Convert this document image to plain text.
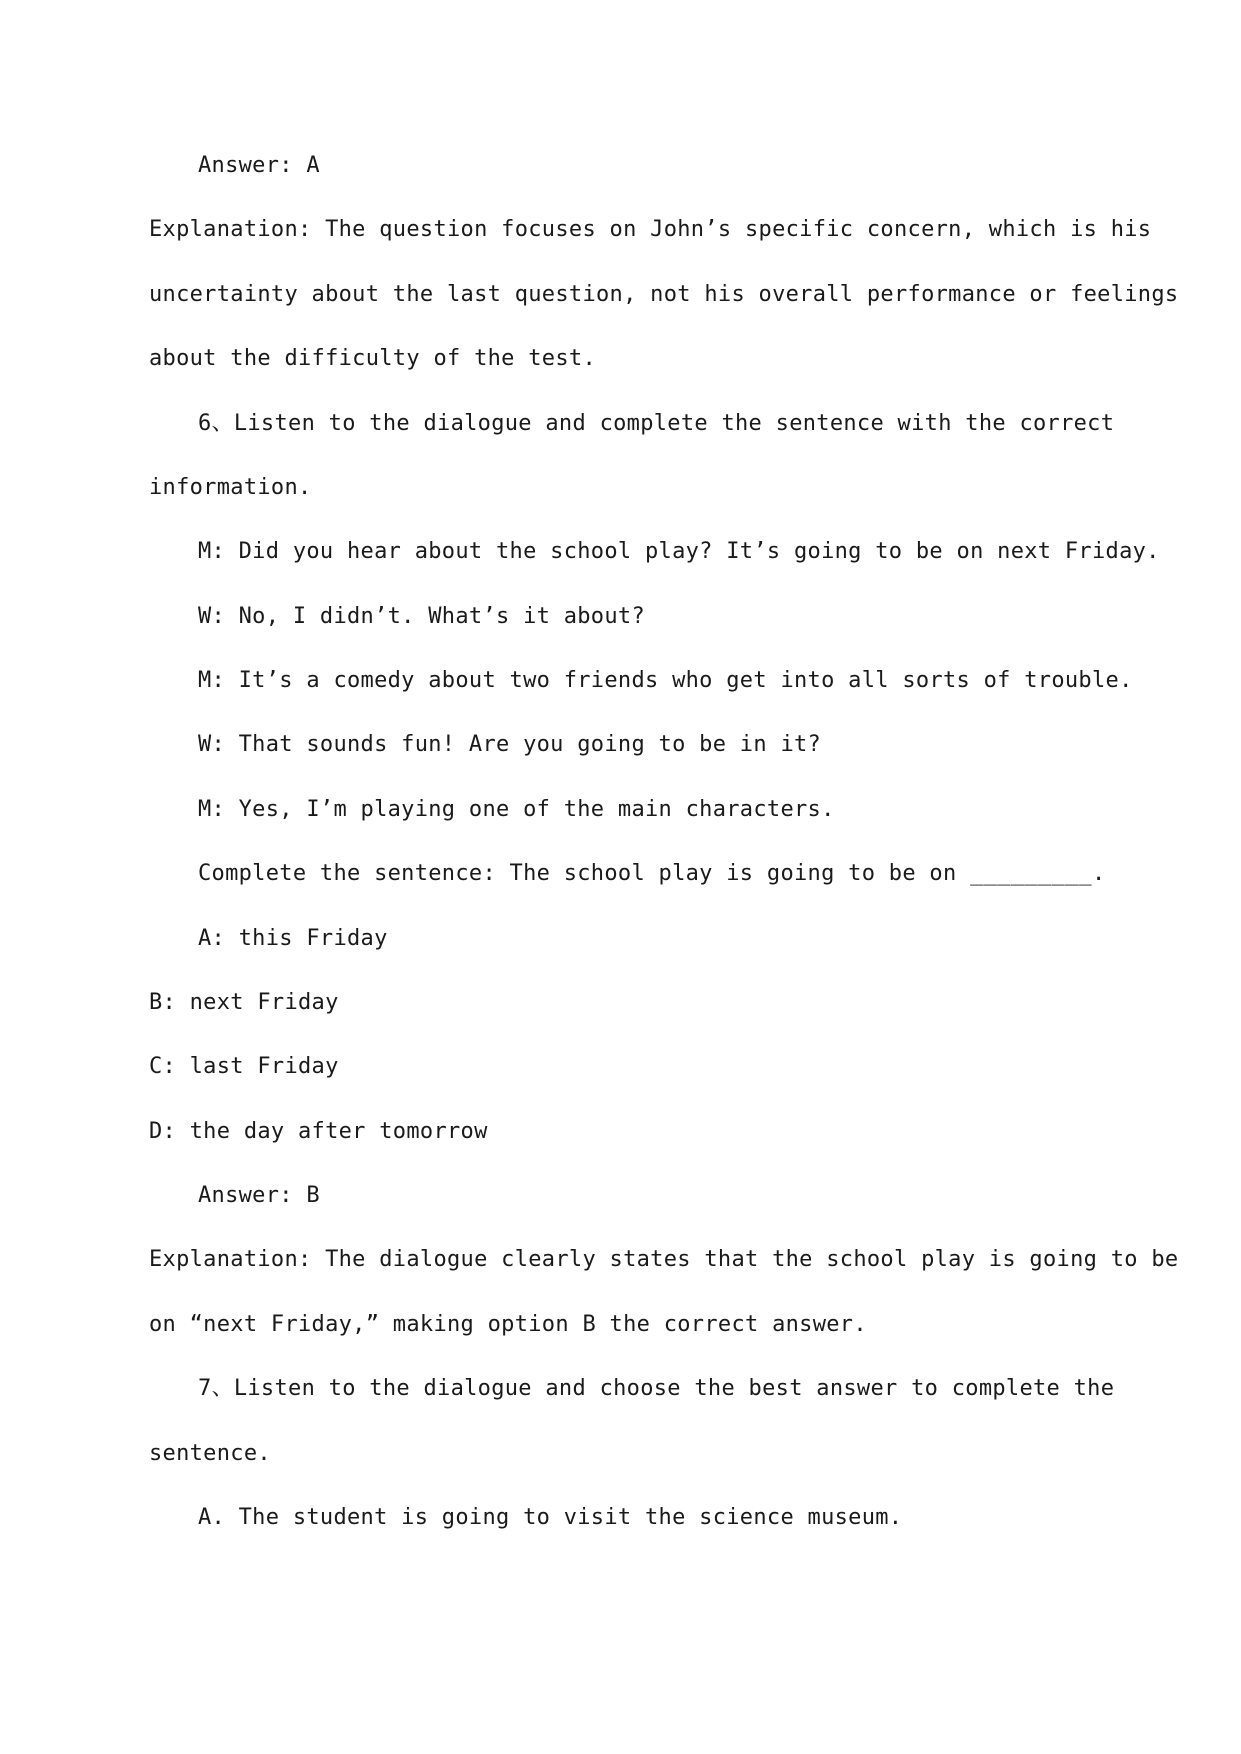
Answer: A
Explanation: The question focuses on John’s specific concern, which is his
uncertainty about the last question, not his overall performance or feelings
about the difficulty of the test.
6、Listen to the dialogue and complete the sentence with the correct
information.
M: Did you hear about the school play? It’s going to be on next Friday.
W: No, I didn’t. What’s it about?
M: It’s a comedy about two friends who get into all sorts of trouble.
W: That sounds fun! Are you going to be in it?
M: Yes, I’m playing one of the main characters.
Complete the sentence: The school play is going to be on _________.
A: this Friday
B: next Friday
C: last Friday
D: the day after tomorrow
Answer: B
Explanation: The dialogue clearly states that the school play is going to be
on “next Friday,” making option B the correct answer.
7、Listen to the dialogue and choose the best answer to complete the
sentence.
A. The student is going to visit the science museum.
